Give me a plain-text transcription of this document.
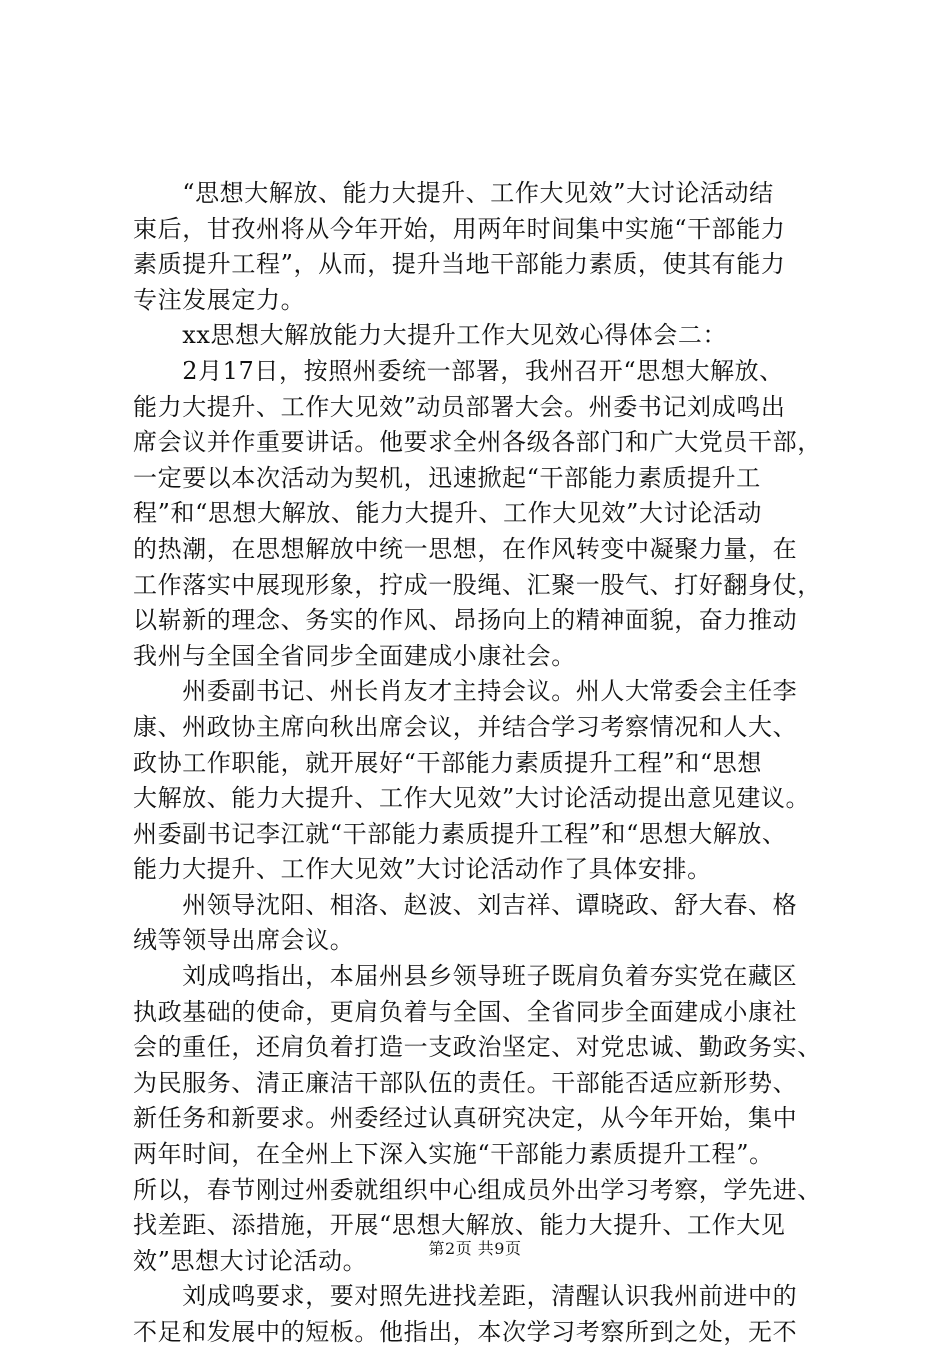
　　“思想大解放、能力大提升、工作大见效”大讨论活动结
束后，甘孜州将从今年开始，用两年时间集中实施“干部能力
素质提升工程”，从而，提升当地干部能力素质，使其有能力
专注发展定力。
　　xx思想大解放能力大提升工作大见效心得体会二：
　　2月17日，按照州委统一部署，我州召开“思想大解放、
能力大提升、工作大见效”动员部署大会。州委书记刘成鸣出
席会议并作重要讲话。他要求全州各级各部门和广大党员干部，
一定要以本次活动为契机，迅速掀起“干部能力素质提升工
程”和“思想大解放、能力大提升、工作大见效”大讨论活动
的热潮，在思想解放中统一思想，在作风转变中凝聚力量，在
工作落实中展现形象，拧成一股绳、汇聚一股气、打好翻身仗，
以崭新的理念、务实的作风、昂扬向上的精神面貌，奋力推动
我州与全国全省同步全面建成小康社会。
　　州委副书记、州长肖友才主持会议。州人大常委会主任李
康、州政协主席向秋出席会议，并结合学习考察情况和人大、
政协工作职能，就开展好“干部能力素质提升工程”和“思想
大解放、能力大提升、工作大见效”大讨论活动提出意见建议。
州委副书记李江就“干部能力素质提升工程”和“思想大解放、
能力大提升、工作大见效”大讨论活动作了具体安排。
　　州领导沈阳、相洛、赵波、刘吉祥、谭晓政、舒大春、格
绒等领导出席会议。
　　刘成鸣指出，本届州县乡领导班子既肩负着夯实党在藏区
执政基础的使命，更肩负着与全国、全省同步全面建成小康社
会的重任，还肩负着打造一支政治坚定、对党忠诚、勤政务实、
为民服务、清正廉洁干部队伍的责任。干部能否适应新形势、
新任务和新要求。州委经过认真研究决定，从今年开始，集中
两年时间，在全州上下深入实施“干部能力素质提升工程”。
所以，春节刚过州委就组织中心组成员外出学习考察，学先进、
找差距、添措施，开展“思想大解放、能力大提升、工作大见
效”思想大讨论活动。
　　刘成鸣要求，要对照先进找差距，清醒认识我州前进中的
不足和发展中的短板。他指出，本次学习考察所到之处，无不
第2页 共9页
